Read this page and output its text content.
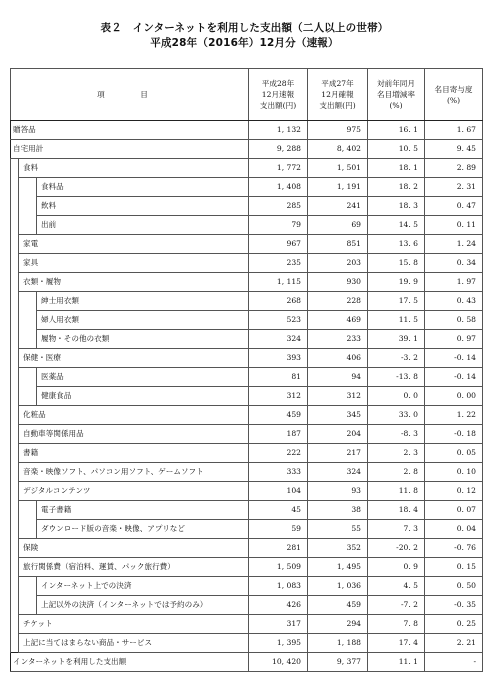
表２　インターネットを利用した支出額（二人以上の世帯）
平成28年（2016年）12月分（速報）
項　目			平成28年
12月速報
支出額(円)	平成27年
12月確報
支出額(円)	対前年同月
名目増減率
(%)	名目寄与度
(%)
贈答品			1, 132	975	16. 1	1. 67
自宅用計			9, 288	8, 402	10. 5	9. 45
	食料		1, 772	1, 501	18. 1	2. 89
		食料品	1, 408	1, 191	18. 2	2. 31
		飲料	285	241	18. 3	0. 47
		出前	79	69	14. 5	0. 11
	家電		967	851	13. 6	1. 24
	家具		235	203	15. 8	0. 34
	衣類・履物		1, 115	930	19. 9	1. 97
		紳士用衣類	268	228	17. 5	0. 43
		婦人用衣類	523	469	11. 5	0. 58
		履物・その他の衣類	324	233	39. 1	0. 97
	保健・医療		393	406	-3. 2	-0. 14
		医薬品	81	94	-13. 8	-0. 14
		健康食品	312	312	0. 0	0. 00
	化粧品		459	345	33. 0	1. 22
	自動車等関係用品		187	204	-8. 3	-0. 18
	書籍		222	217	2. 3	0. 05
	音楽・映像ソフト、パソコン用ソフト、ゲームソフト		333	324	2. 8	0. 10
	デジタルコンテンツ		104	93	11. 8	0. 12
		電子書籍	45	38	18. 4	0. 07
		ダウンロード版の音楽・映像、アプリなど	59	55	7. 3	0. 04
	保険		281	352	-20. 2	-0. 76
	旅行関係費（宿泊料、運賃、パック旅行費）		1, 509	1, 495	0. 9	0. 15
		インターネット上での決済	1, 083	1, 036	4. 5	0. 50
		上記以外の決済（インターネットでは予約のみ）	426	459	-7. 2	-0. 35
	チケット		317	294	7. 8	0. 25
	上記に当てはまらない商品・サービス		1, 395	1, 188	17. 4	2. 21
インターネットを利用した支出額			10, 420	9, 377	11. 1	-
